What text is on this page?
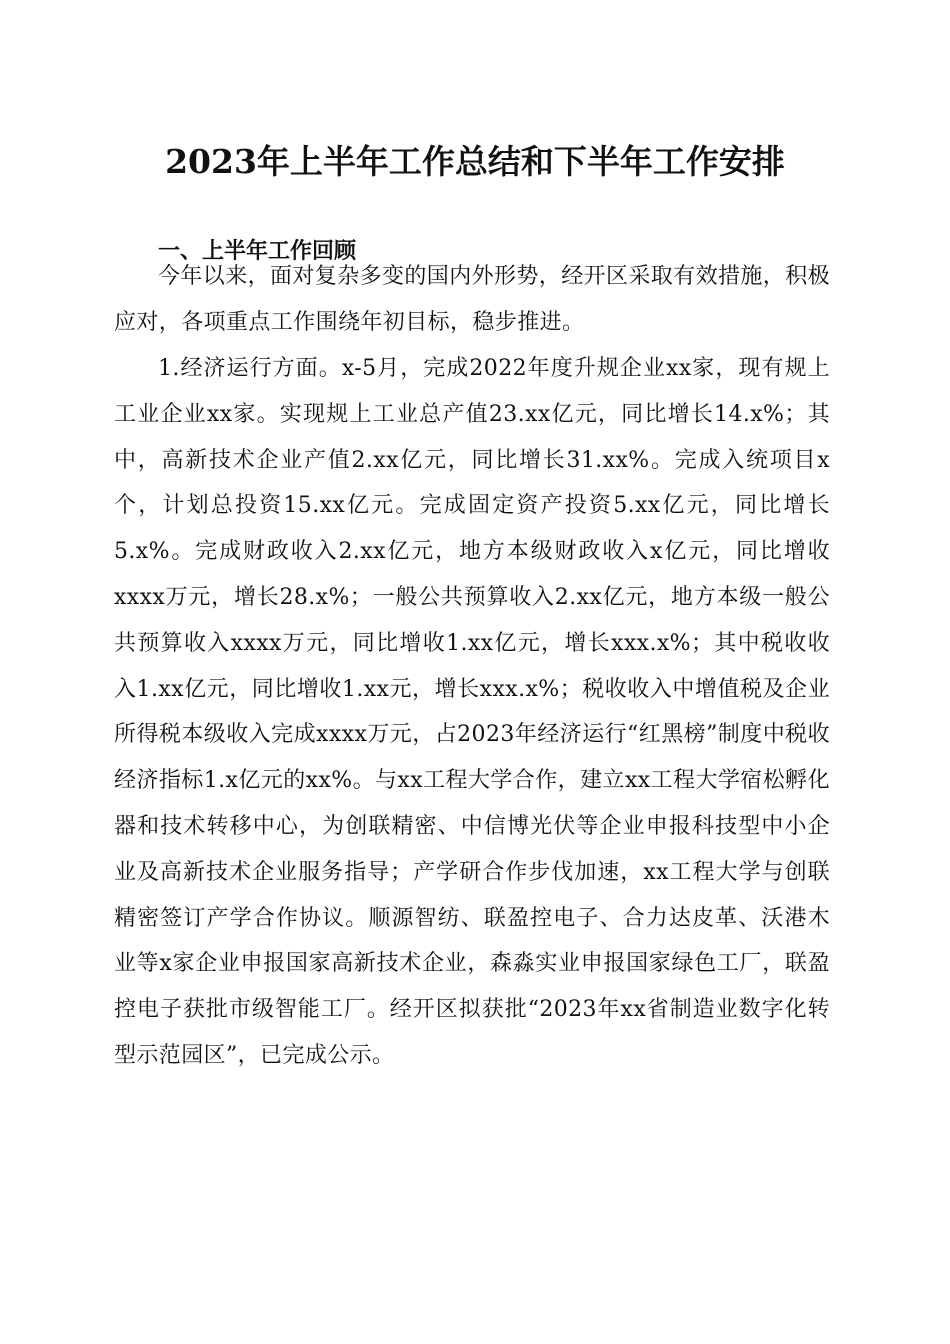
2023年上半年工作总结和下半年工作安排
一、上半年工作回顾

今年以来，面对复杂多变的国内外形势，经开区采取有效措施，积极应对，各项重点工作围绕年初目标，稳步推进。

1.经济运行方面。x-5月，完成2022年度升规企业xx家，现有规上工业企业xx家。实现规上工业总产值23.xx亿元，同比增长14.x%；其中，高新技术企业产值2.xx亿元，同比增长31.xx%。完成入统项目x个，计划总投资15.xx亿元。完成固定资产投资5.xx亿元，同比增长5.x%。完成财政收入2.xx亿元，地方本级财政收入x亿元，同比增收xxxx万元，增长28.x%；一般公共预算收入2.xx亿元，地方本级一般公共预算收入xxxx万元，同比增收1.xx亿元，增长xxx.x%；其中税收收入1.xx亿元，同比增收1.xx元，增长xxx.x%；税收收入中增值税及企业所得税本级收入完成xxxx万元，占2023年经济运行“红黑榜”制度中税收经济指标1.x亿元的xx%。与xx工程大学合作，建立xx工程大学宿松孵化器和技术转移中心，为创联精密、中信博光伏等企业申报科技型中小企业及高新技术企业服务指导；产学研合作步伐加速，xx工程大学与创联精密签订产学合作协议。顺源智纺、联盈控电子、合力达皮革、沃港木业等x家企业申报国家高新技术企业，森淼实业申报国家绿色工厂，联盈控电子获批市级智能工厂。经开区拟获批“2023年xx省制造业数字化转型示范园区”，已完成公示。
